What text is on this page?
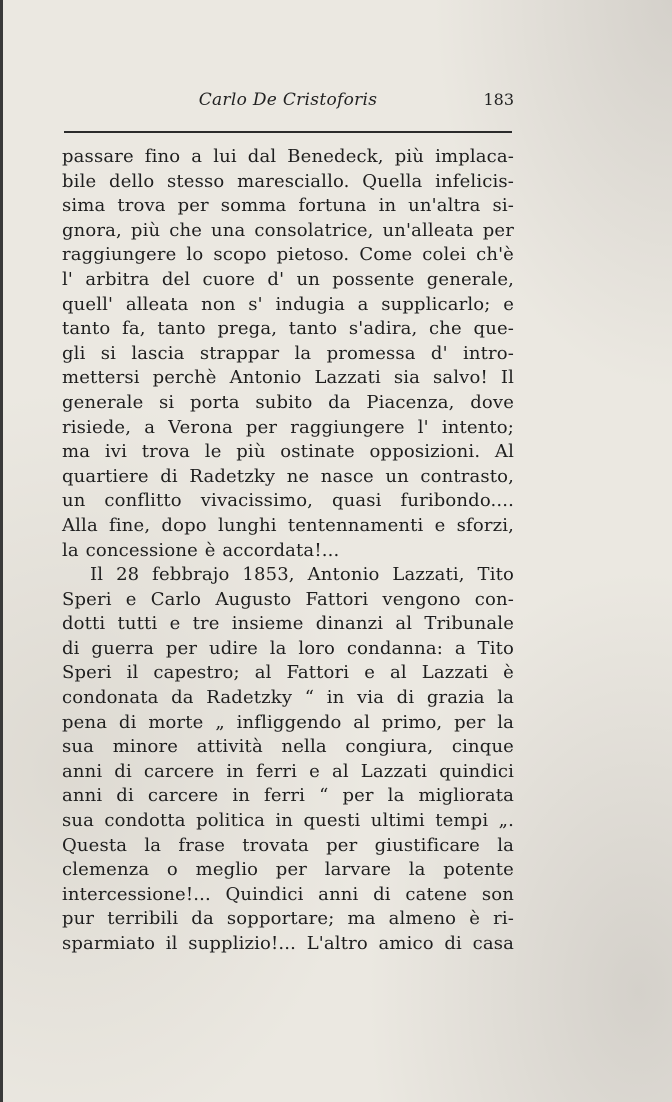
Carlo De Cristoforis	183
passare fino a lui dal Benedeck, più implaca-
bile dello stesso maresciallo. Quella infelicis-
sima trova per somma fortuna in un'altra si-
gnora, più che una consolatrice, un'alleata per
raggiungere lo scopo pietoso. Come colei ch'è
l' arbitra del cuore d' un possente generale,
quell' alleata non s' indugia a supplicarlo; e
tanto fa, tanto prega, tanto s'adira, che que-
gli si lascia strappar la promessa d' intro-
mettersi perchè Antonio Lazzati sia salvo! Il
generale si porta subito da Piacenza, dove
risiede, a Verona per raggiungere l' intento;
ma ivi trova le più ostinate opposizioni. Al
quartiere di Radetzky ne nasce un contrasto,
un conflitto vivacissimo, quasi furibondo....
Alla fine, dopo lunghi tentennamenti e sforzi,
la concessione è accordata!...
Il 28 febbrajo 1853, Antonio Lazzati, Tito
Speri e Carlo Augusto Fattori vengono con-
dotti tutti e tre insieme dinanzi al Tribunale
di guerra per udire la loro condanna: a Tito
Speri il capestro; al Fattori e al Lazzati è
condonata da Radetzky “ in via di grazia la
pena di morte „ infliggendo al primo, per la
sua minore attività nella congiura, cinque
anni di carcere in ferri e al Lazzati quindici
anni di carcere in ferri “ per la migliorata
sua condotta politica in questi ultimi tempi „.
Questa la frase trovata per giustificare la
clemenza o meglio per larvare la potente
intercessione!... Quindici anni di catene son
pur terribili da sopportare; ma almeno è ri-
sparmiato il supplizio!... L'altro amico di casa
